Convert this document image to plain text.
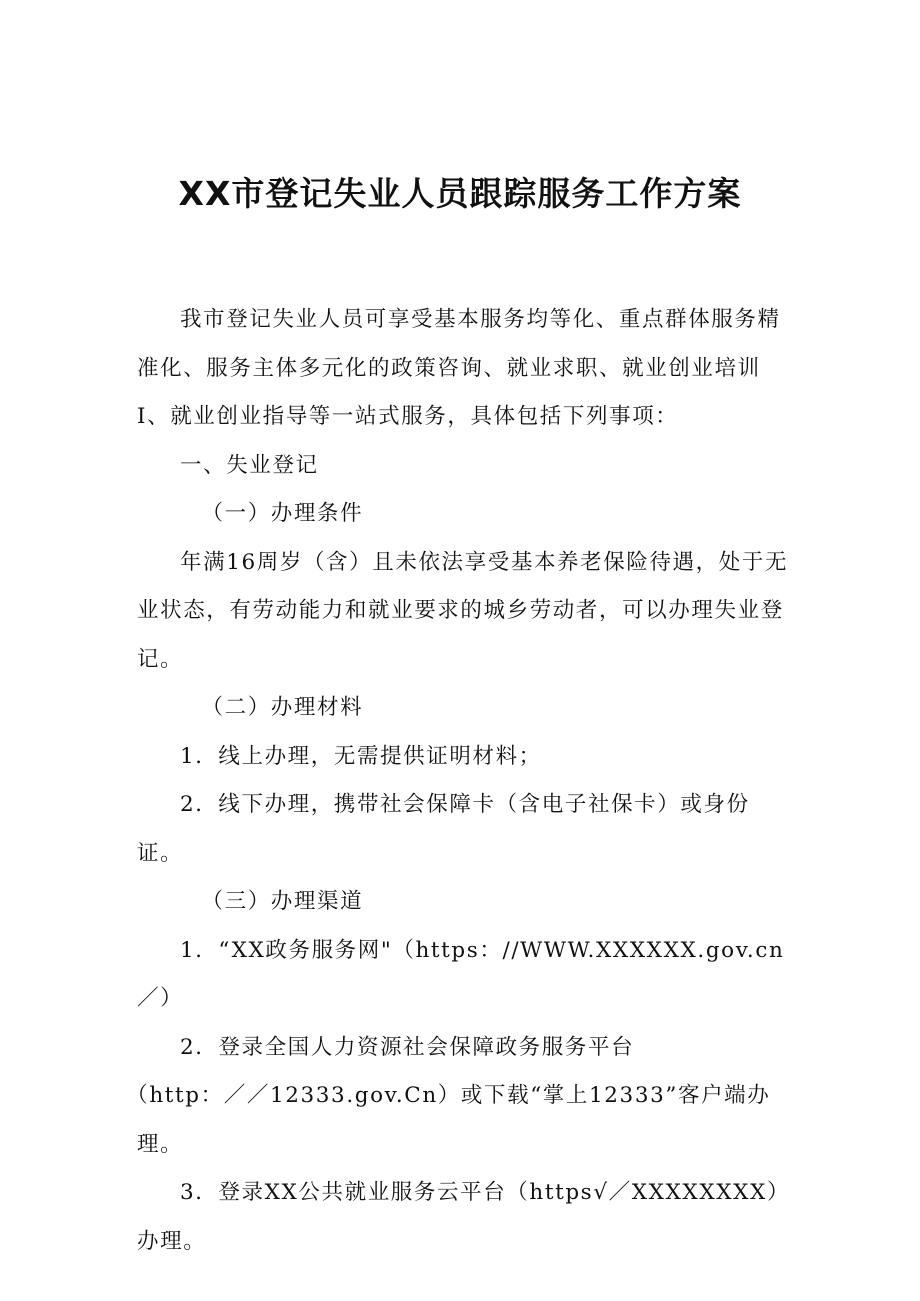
XX市登记失业人员跟踪服务工作方案

我市登记失业人员可享受基本服务均等化、重点群体服务精准化、服务主体多元化的政策咨询、就业求职、就业创业培训I、就业创业指导等一站式服务，具体包括下列事项：

一、失业登记

（一）办理条件

年满16周岁（含）且未依法享受基本养老保险待遇，处于无业状态，有劳动能力和就业要求的城乡劳动者，可以办理失业登记。

（二）办理材料

1．线上办理，无需提供证明材料；

2．线下办理，携带社会保障卡（含电子社保卡）或身份证。

（三）办理渠道

1．“XX政务服务网"（https：//WWW.XXXXXX.gov.cn／）

2．登录全国人力资源社会保障政务服务平台

（http：／／12333.gov.Cn）或下载“掌上12333”客户端办理。

3．登录XX公共就业服务云平台（https√／XXXXXXXX）办理。
